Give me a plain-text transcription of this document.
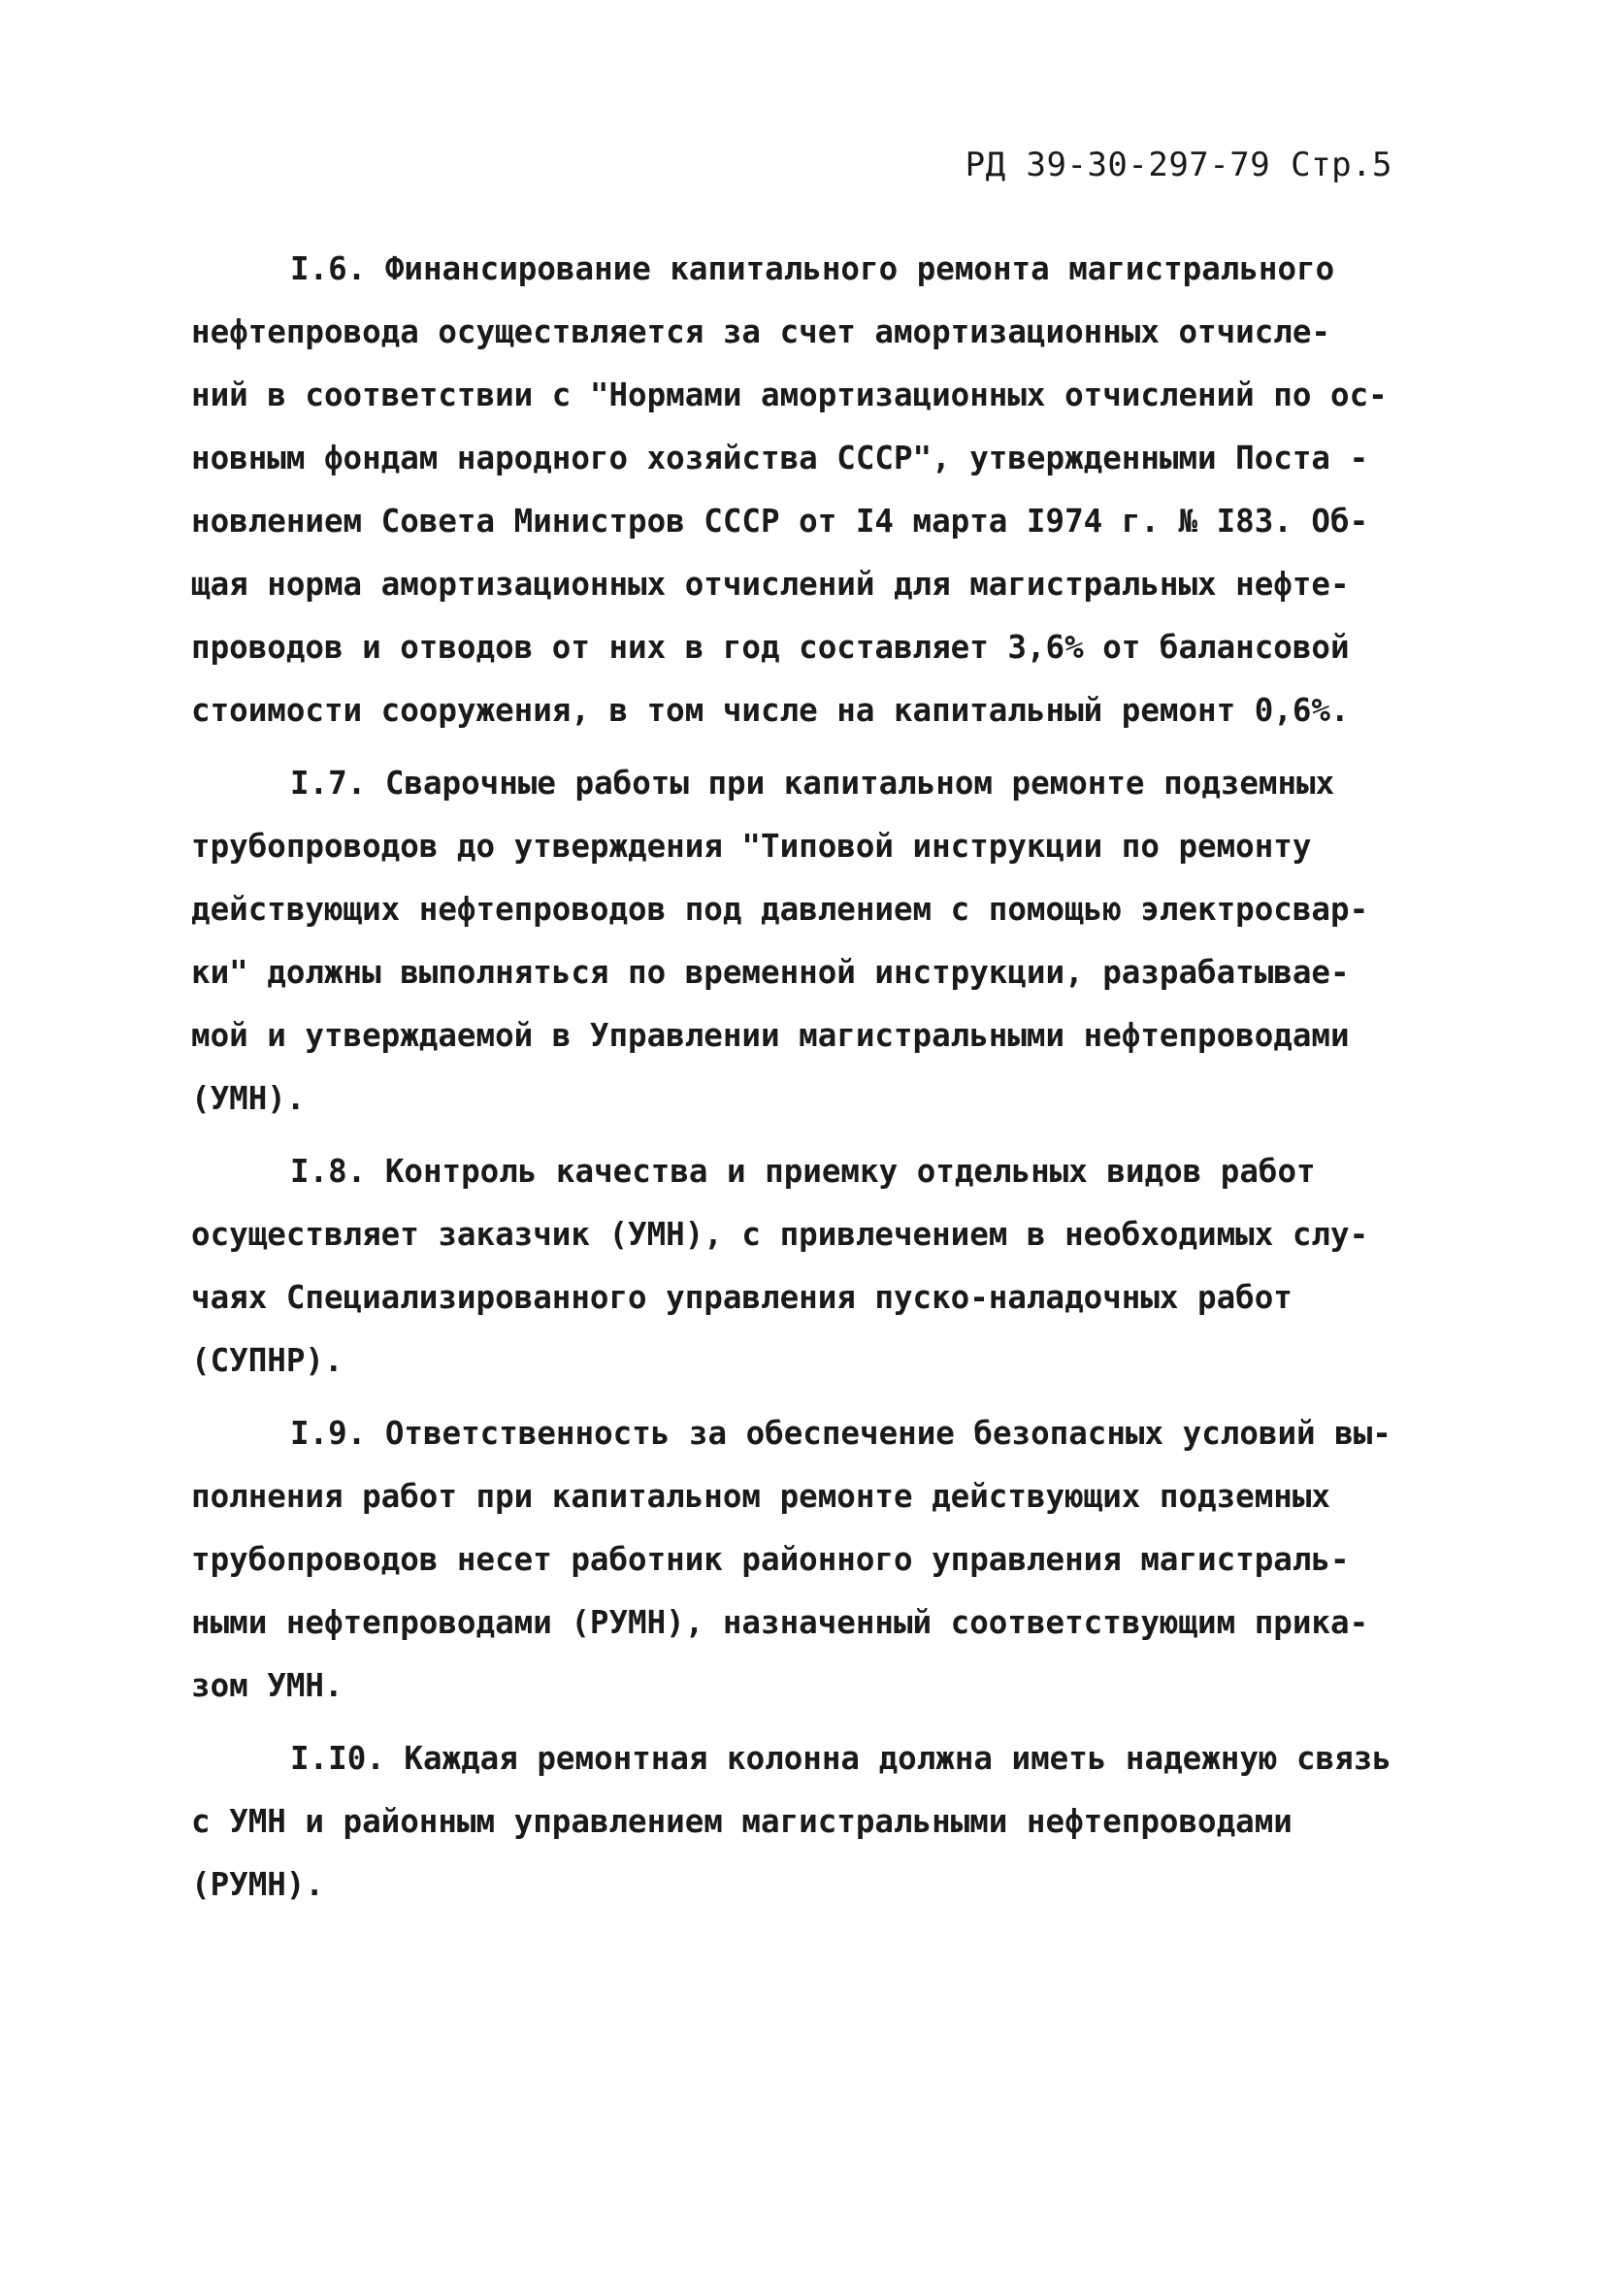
РД 39-30-297-79 Стр.5
I.6. Финансирование капитального ремонта магистрального
нефтепровода осуществляется за счет амортизационных отчисле-
ний в соответствии с "Нормами амортизационных отчислений по ос-
новным фондам народного хозяйства СССР", утвержденными Поста -
новлением Совета Министров СССР от I4 марта I974 г. № I83. Об-
щая норма амортизационных отчислений для магистральных нефте-
проводов и отводов от них в год составляет 3,6% от балансовой
стоимости сооружения, в том числе на капитальный ремонт 0,6%.
I.7. Сварочные работы при капитальном ремонте подземных
трубопроводов до утверждения "Типовой инструкции по ремонту
действующих нефтепроводов под давлением с помощью электросвар-
ки" должны выполняться по временной инструкции, разрабатывае-
мой и утверждаемой в Управлении магистральными нефтепроводами
(УМН).
I.8. Контроль качества и приемку отдельных видов работ
осуществляет заказчик (УМН), с привлечением в необходимых слу-
чаях Специализированного управления пуско-наладочных работ
(СУПНР).
I.9. Ответственность за обеспечение безопасных условий вы-
полнения работ при капитальном ремонте действующих подземных
трубопроводов несет работник районного управления магистраль-
ными нефтепроводами (РУМН), назначенный соответствующим прика-
зом УМН.
I.I0. Каждая ремонтная колонна должна иметь надежную связь
с УМН и районным управлением магистральными нефтепроводами
(РУМН).
